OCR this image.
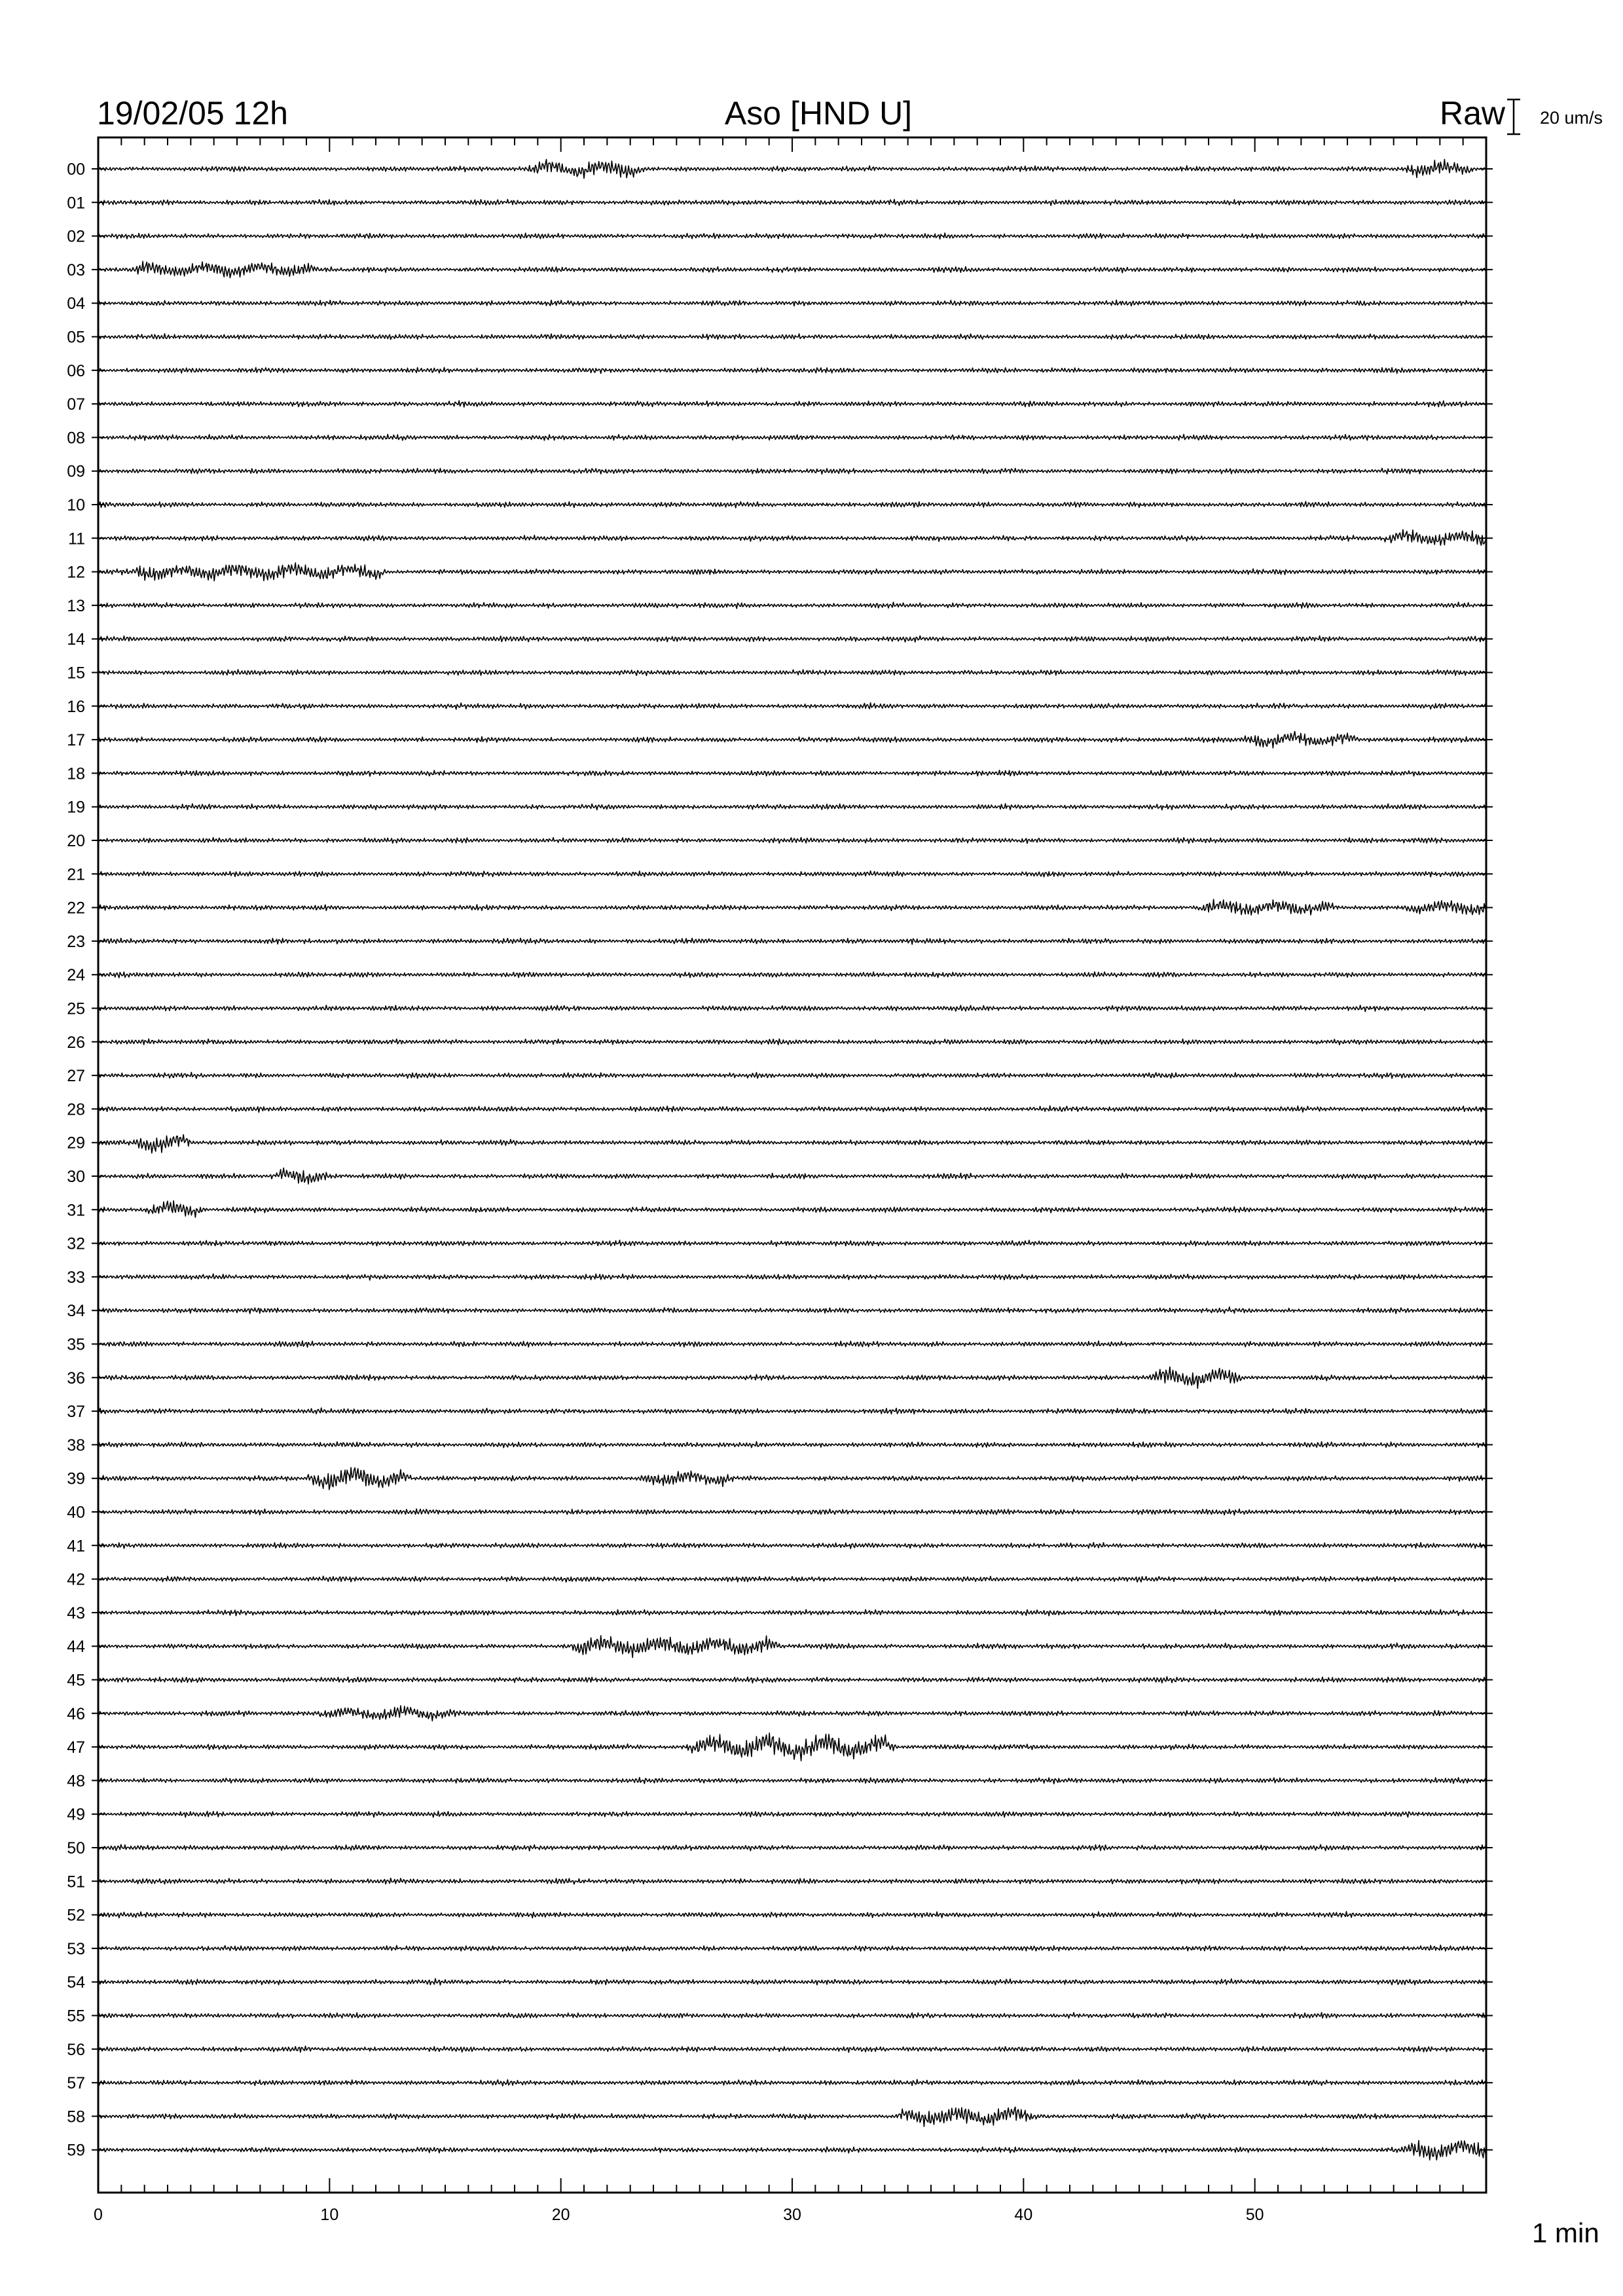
19/02/05 12h	Aso [HND U]	Raw 20 um/s
1 min
00
01
02
03
04
05
06
07
08
09
10
11
12
13
14
15
16
17
18
19
20
21
22
23
24
25
26
27
28
29
30
31
32
33
34
35
36
37
38
39
40
41
42
43
44
45
46
47
48
49
50
51
52
53
54
55
56
57
58
59
0	10	20	30	40	50
